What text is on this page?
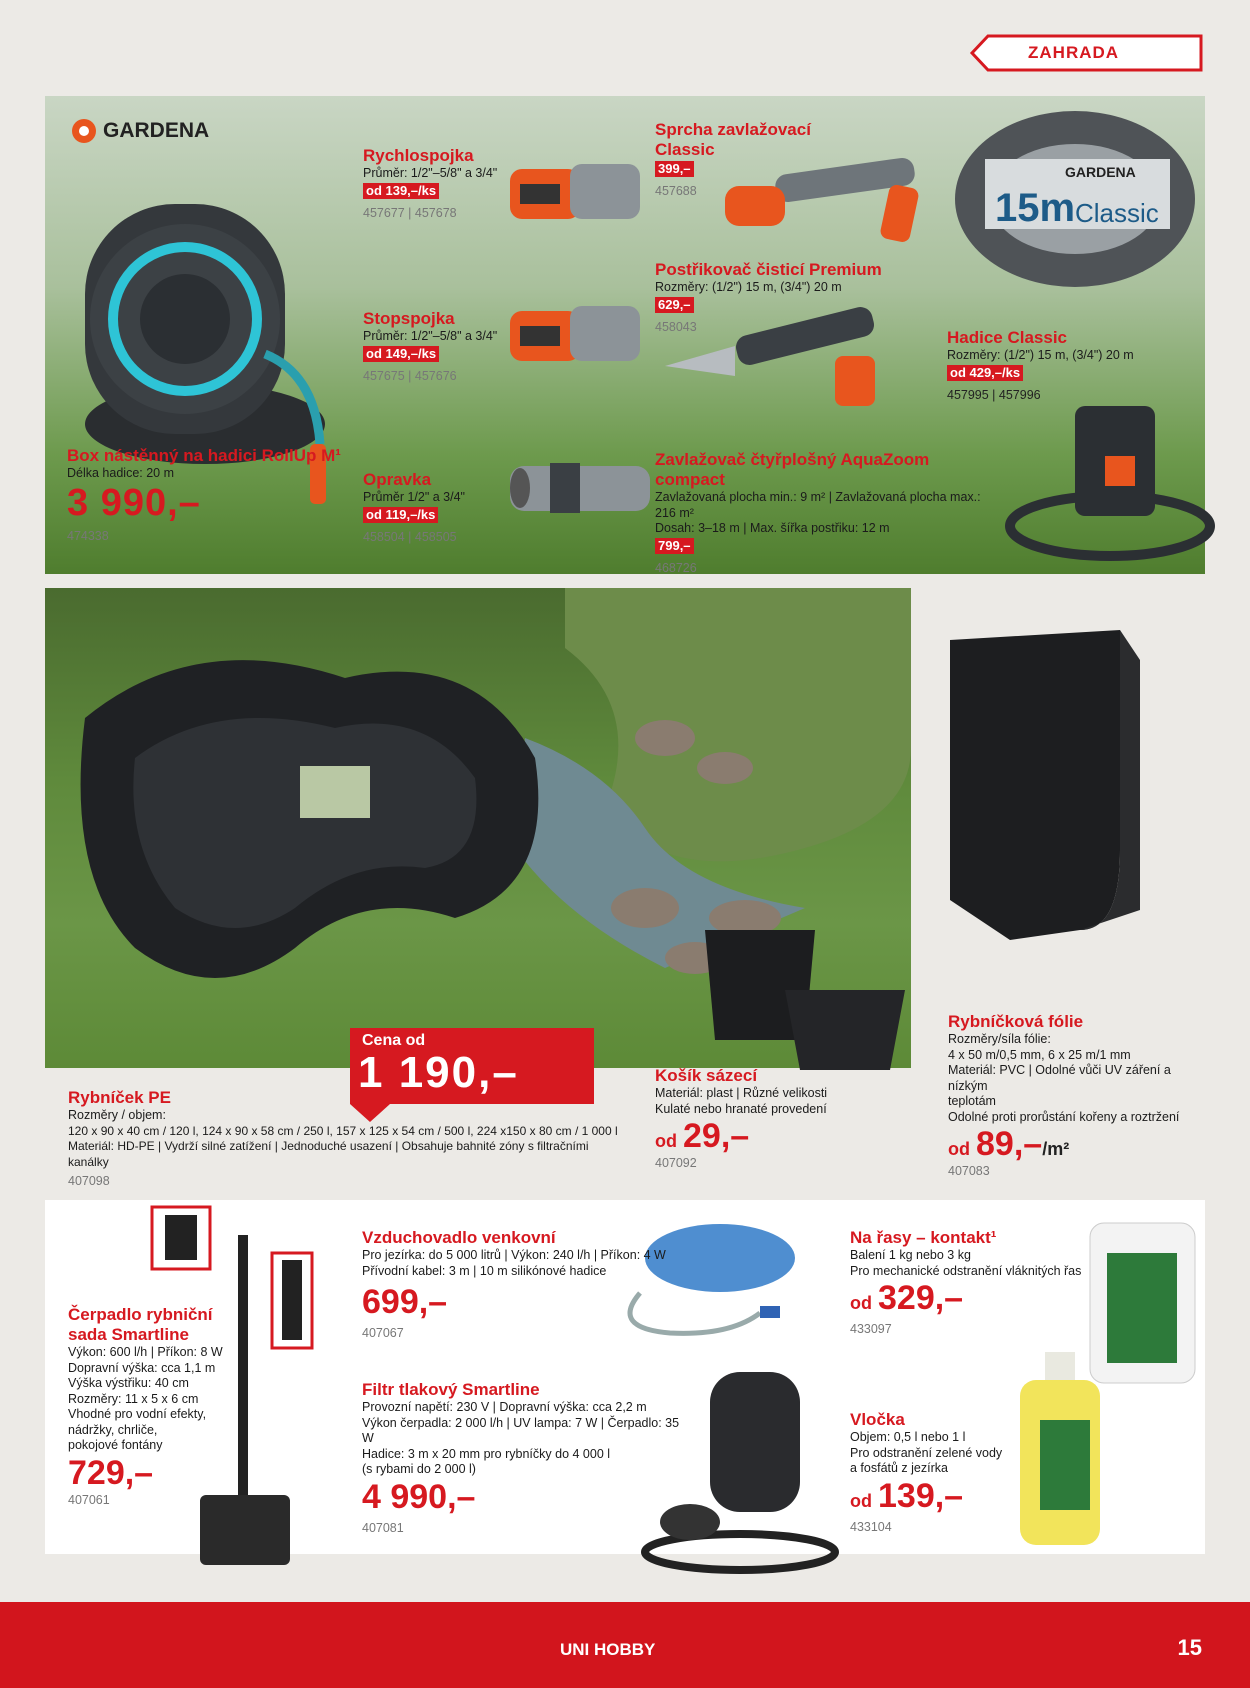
ZAHRADA
GARDENA
GARDENA
15m Classic
Rychlospojka
Průměr: 1/2"–5/8" a 3/4"
od 139,–/ks
457677 | 457678
Stopspojka
Průměr: 1/2"–5/8" a 3/4"
od 149,–/ks
457675 | 457676
Opravka
Průměr 1/2" a 3/4"
od 119,–/ks
458504 | 458505
Sprcha zavlažovací
Classic
399,–
457688
Postřikovač čisticí Premium
Rozměry: (1/2") 15 m, (3/4") 20 m
629,–
458043
Hadice Classic
Rozměry: (1/2") 15 m, (3/4") 20 m
od 429,–/ks
457995 | 457996
Zavlažovač čtyřplošný AquaZoom compact
Zavlažovaná plocha min.: 9 m² | Zavlažovaná plocha max.: 216 m²
Dosah: 3–18 m | Max. šířka postřiku: 12 m
799,–
468726
Box nástěnný na hadici RollUp M¹
Délka hadice: 20 m
3 990,–
474338
Cena od
1 190,–
Rybníček PE
Rozměry / objem:
120 x 90 x 40 cm / 120 l, 124 x 90 x 58 cm / 250 l, 157 x 125 x 54 cm / 500 l, 224 x150 x 80 cm / 1 000 l
Materiál: HD-PE | Vydrží silné zatížení | Jednoduché usazení | Obsahuje bahnité zóny s filtračními kanálky
407098
Košík sázecí
Materiál: plast | Různé velikosti
Kulaté nebo hranaté provedení
od 29,–
407092
Rybníčková fólie
Rozměry/síla fólie:
4 x 50 m/0,5 mm, 6 x 25 m/1 mm
Materiál: PVC | Odolné vůči UV záření a nízkým
teplotám
Odolné proti prorůstání kořeny a roztržení
od 89,–/m²
407083
Čerpadlo rybniční
sada Smartline
Výkon: 600 l/h | Příkon: 8 W
Dopravní výška: cca 1,1 m
Výška výstřiku: 40 cm
Rozměry: 11 x 5 x 6 cm
Vhodné pro vodní efekty,
nádržky, chrliče,
pokojové fontány
729,–
407061
Vzduchovadlo venkovní
Pro jezírka: do 5 000 litrů | Výkon: 240 l/h | Příkon: 4 W
Přívodní kabel: 3 m | 10 m silikónové hadice
699,–
407067
Filtr tlakový Smartline
Provozní napětí: 230 V | Dopravní výška: cca 2,2 m
Výkon čerpadla: 2 000 l/h | UV lampa: 7 W | Čerpadlo: 35 W
Hadice: 3 m x 20 mm pro rybníčky do 4 000 l
(s rybami do 2 000 l)
4 990,–
407081
Na řasy – kontakt¹
Balení 1 kg nebo 3 kg
Pro mechanické odstranění vláknitých řas
od 329,–
433097
Vločka
Objem: 0,5 l nebo 1 l
Pro odstranění zelené vody
a fosfátů z jezírka
od 139,–
433104
UNI HOBBY	15
